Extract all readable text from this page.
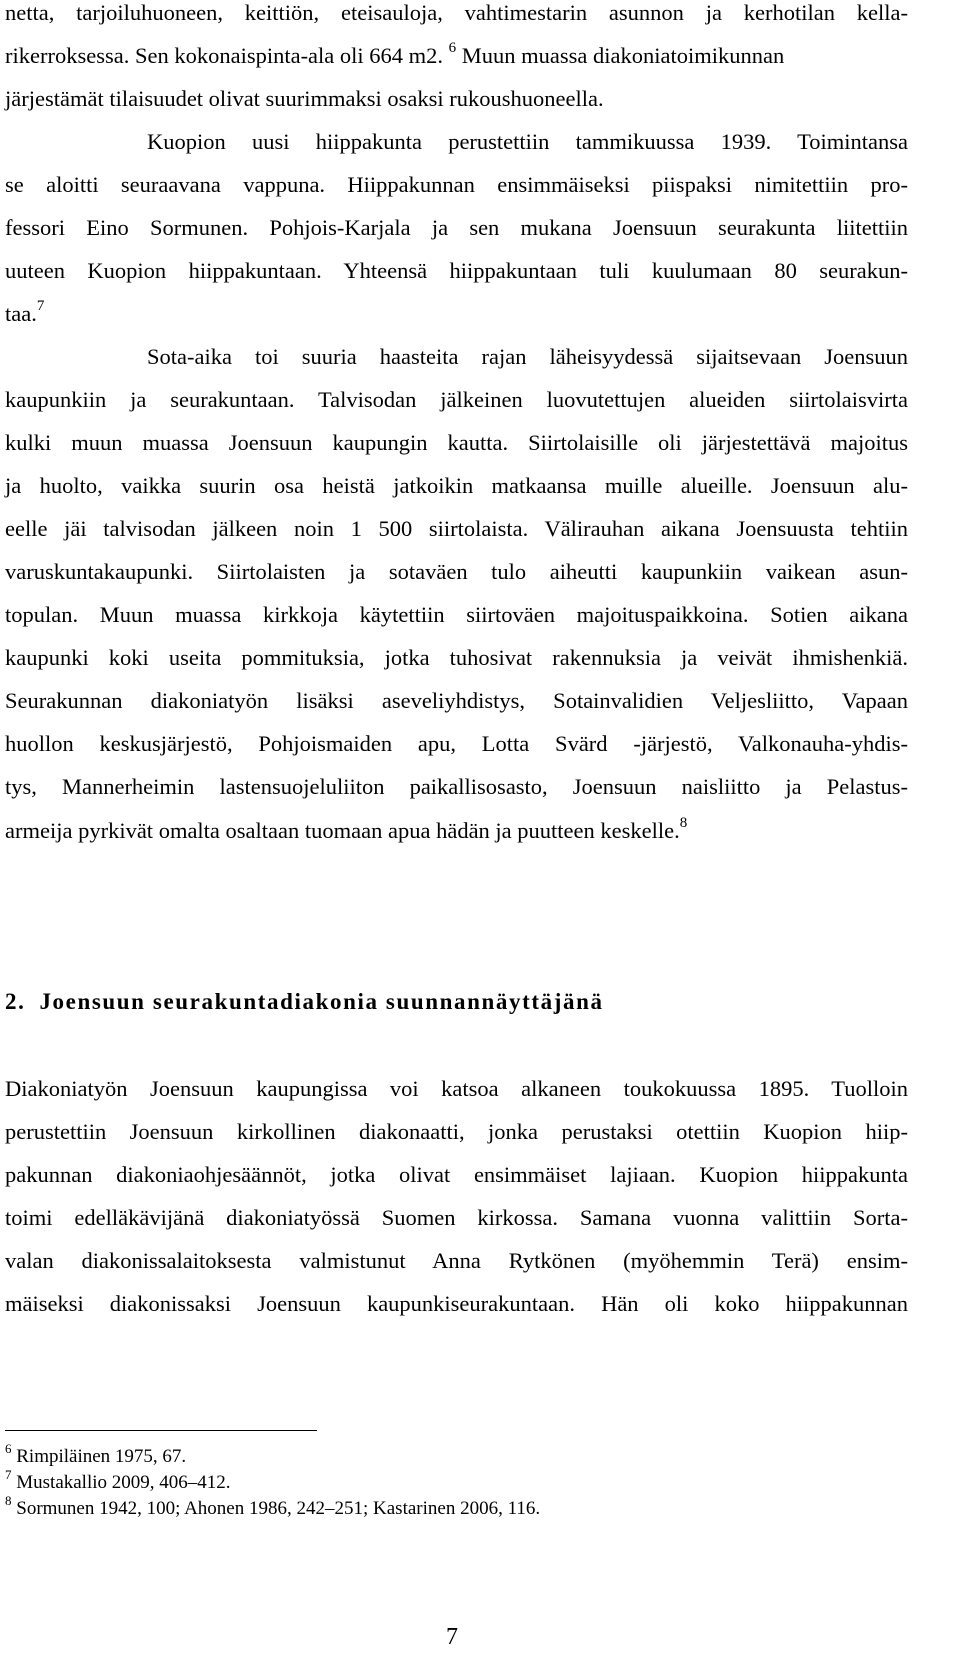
netta, tarjoiluhuoneen, keittiön, eteisauloja, vahtimestarin asunnon ja kerhotilan kella-
rikerroksessa. Sen kokonaispinta-ala oli 664 m2. $^6$ Muun muassa diakoniatoimikunnan
järjestämät tilaisuudet olivat suurimmaksi osaksi rukoushuoneella.
Kuopion uusi hiippakunta perustettiin tammikuussa 1939. Toimintansa
se aloitti seuraavana vappuna. Hiippakunnan ensimmäiseksi piispaksi nimitettiin pro-
fessori Eino Sormunen. Pohjois-Karjala ja sen mukana Joensuun seurakunta liitettiin
uuteen Kuopion hiippakuntaan. Yhteensä hiippakuntaan tuli kuulumaan 80 seurakun-
taa.$^7$
Sota-aika toi suuria haasteita rajan läheisyydessä sijaitsevaan Joensuun
kaupunkiin ja seurakuntaan. Talvisodan jälkeinen luovutettujen alueiden siirtolaisvirta
kulki muun muassa Joensuun kaupungin kautta. Siirtolaisille oli järjestettävä majoitus
ja huolto, vaikka suurin osa heistä jatkoikin matkaansa muille alueille. Joensuun alu-
eelle jäi talvisodan jälkeen noin 1 500 siirtolaista. Välirauhan aikana Joensuusta tehtiin
varuskuntakaupunki. Siirtolaisten ja sotaväen tulo aiheutti kaupunkiin vaikean asun-
topulan. Muun muassa kirkkoja käytettiin siirtoväen majoituspaikkoina. Sotien aikana
kaupunki koki useita pommituksia, jotka tuhosivat rakennuksia ja veivät ihmishenkiä.
Seurakunnan diakoniatyön lisäksi aseveliyhdistys, Sotainvalidien Veljesliitto, Vapaan
huollon keskusjärjestö, Pohjoismaiden apu, Lotta Svärd -järjestö, Valkonauha-yhdis-
tys, Mannerheimin lastensuojeluliiton paikallisosasto, Joensuun naisliitto ja Pelastus-
armeija pyrkivät omalta osaltaan tuomaan apua hädän ja puutteen keskelle.$^8$
2. Joensuun seurakuntadiakonia suunnannäyttäjänä
Diakoniatyön Joensuun kaupungissa voi katsoa alkaneen toukokuussa 1895. Tuolloin
perustettiin Joensuun kirkollinen diakonaatti, jonka perustaksi otettiin Kuopion hiip-
pakunnan diakoniaohjesäännöt, jotka olivat ensimmäiset lajiaan. Kuopion hiippakunta
toimi edelläkävijänä diakoniatyössä Suomen kirkossa. Samana vuonna valittiin Sorta-
valan diakonissalaitoksesta valmistunut Anna Rytkönen (myöhemmin Terä) ensim-
mäiseksi diakonissaksi Joensuun kaupunkiseurakuntaan. Hän oli koko hiippakunnan
$^6$ Rimpiläinen 1975, 67.
$^7$ Mustakallio 2009, 406–412.
$^8$ Sormunen 1942, 100; Ahonen 1986, 242–251; Kastarinen 2006, 116.
7
